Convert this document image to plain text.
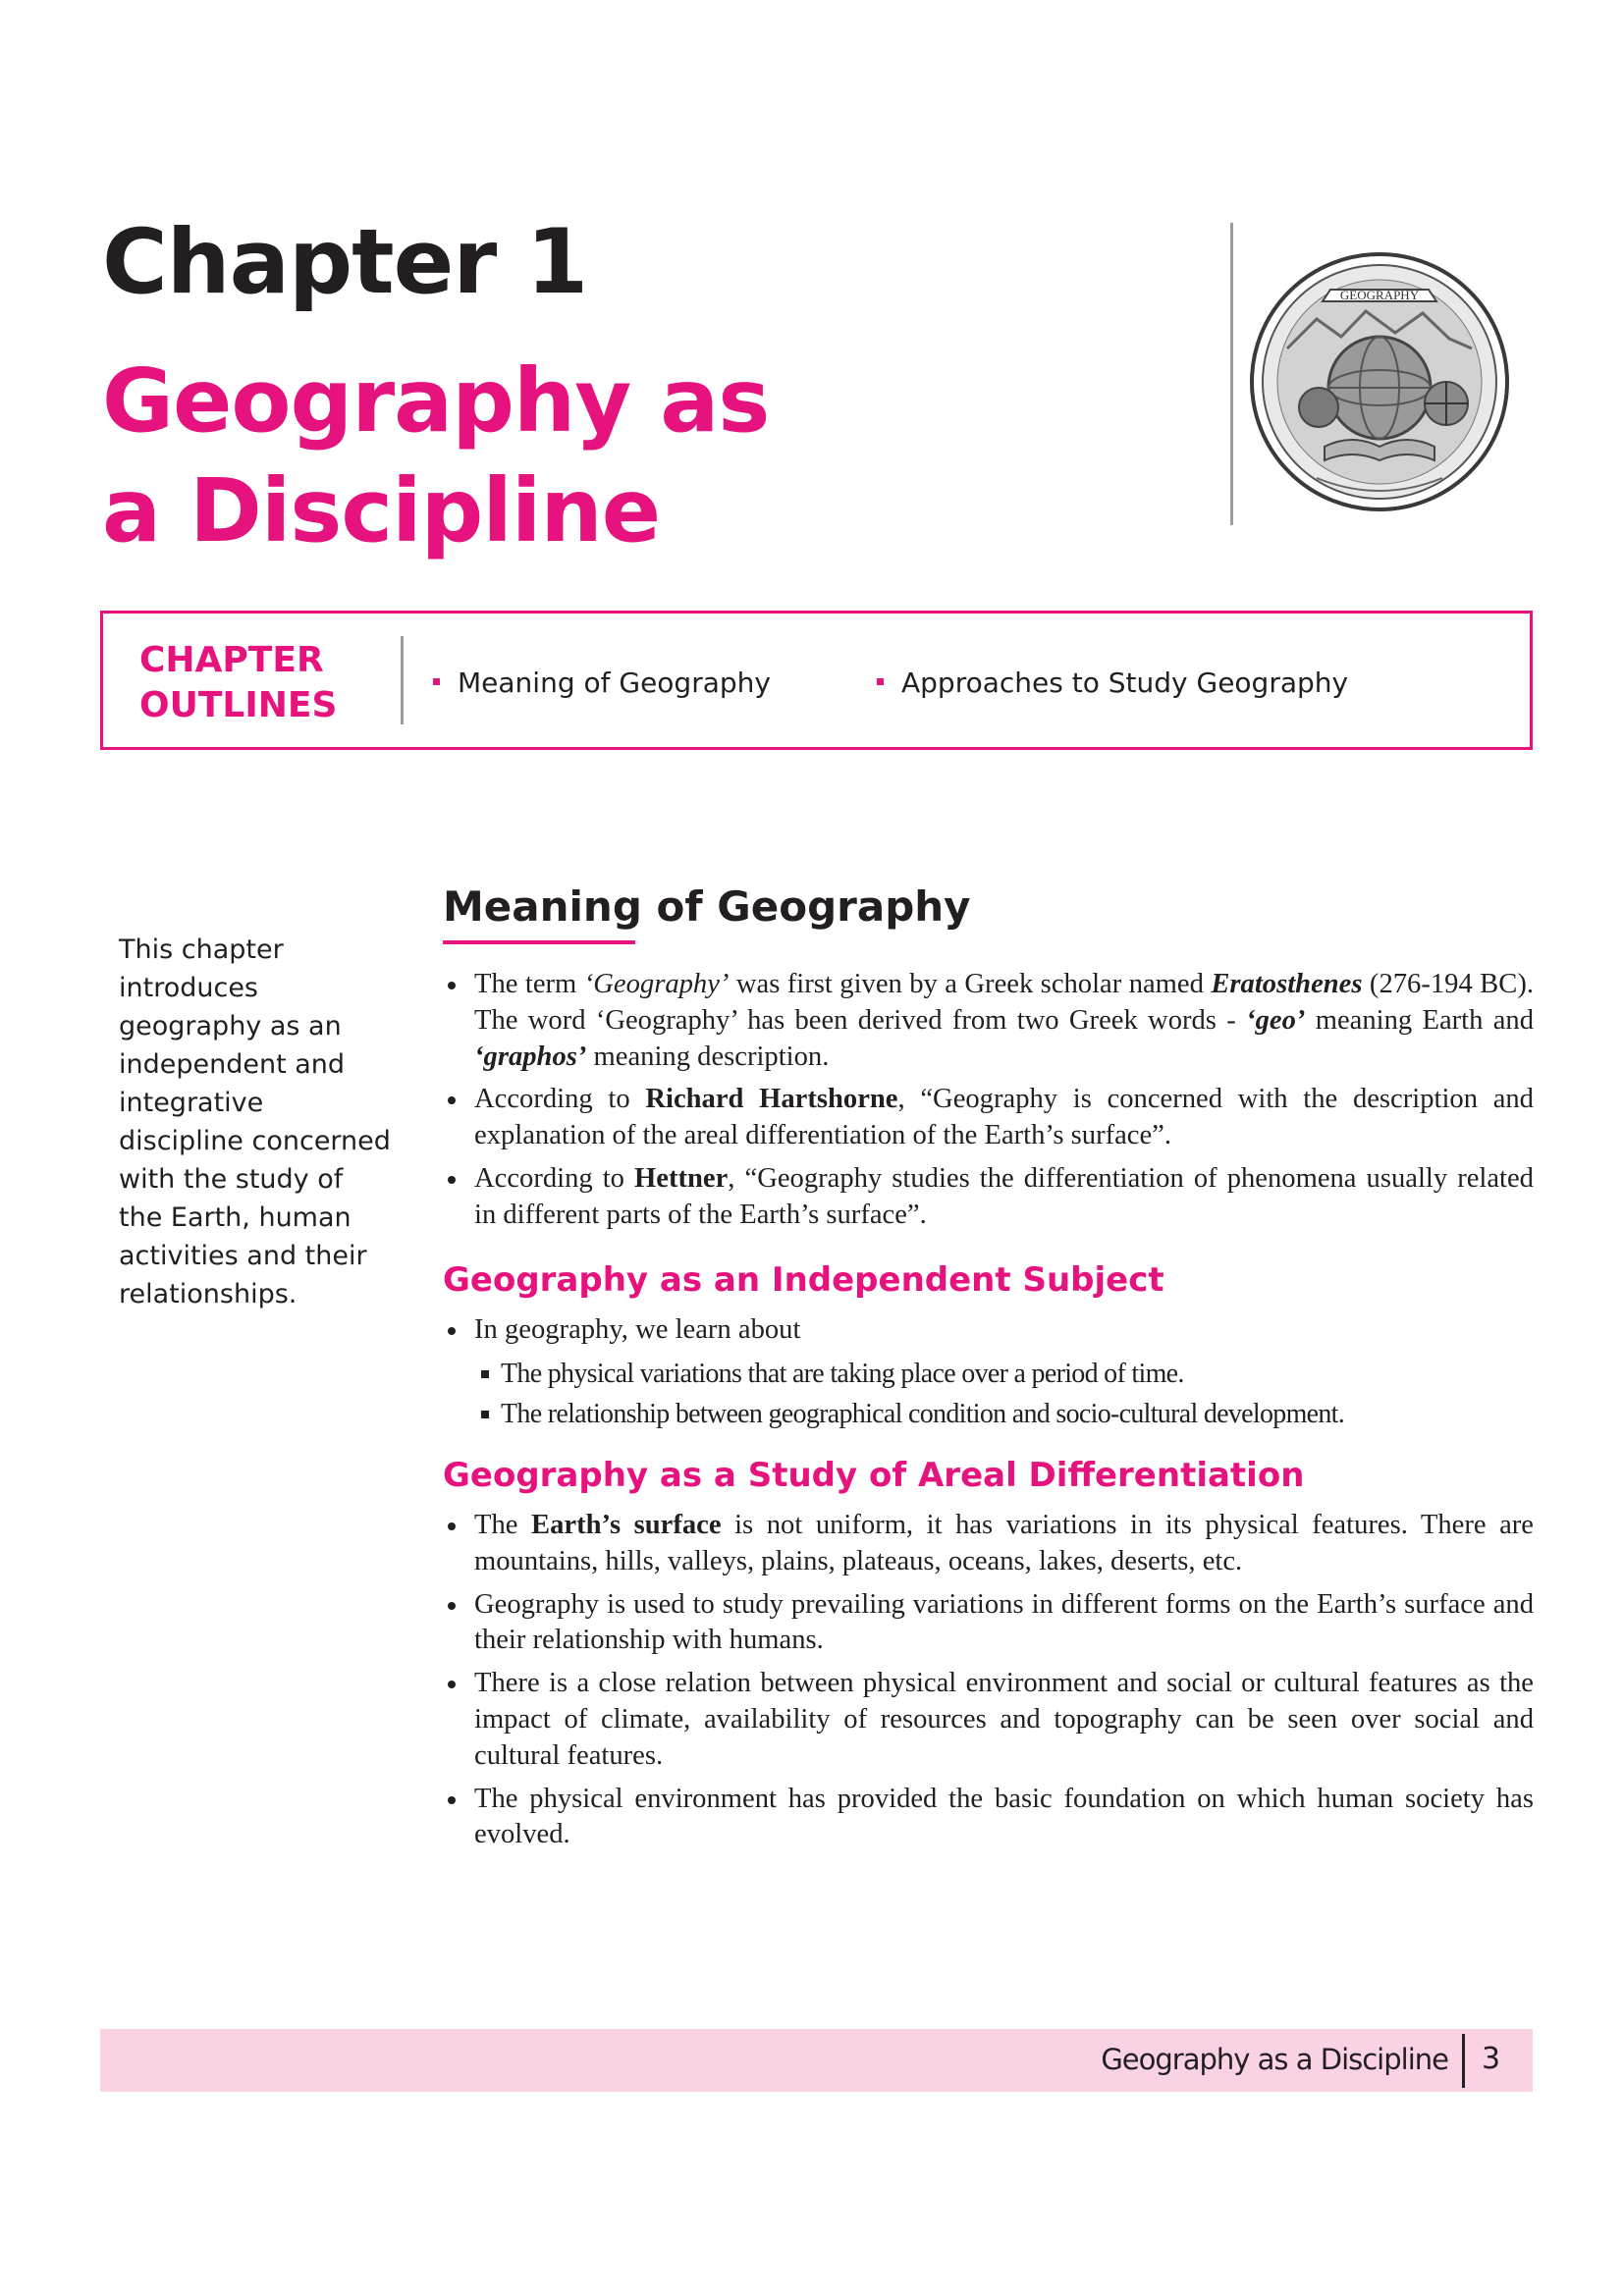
Chapter 1
Geography as a Discipline
GEOGRAPHY
CHAPTER
OUTLINES
Meaning of Geography	Approaches to Study Geography
This chapter introduces geography as an independent and integrative discipline concerned with the study of the Earth, human activities and their relationships.
Meaning of Geography
The term ‘Geography’ was first given by a Greek scholar named Eratosthenes (276-194 BC). The word ‘Geography’ has been derived from two Greek words - ‘geo’ meaning Earth and ‘graphos’ meaning description.
According to Richard Hartshorne, “Geography is concerned with the description and explanation of the areal differentiation of the Earth’s surface”.
According to Hettner, “Geography studies the differentiation of phenomena usually related in different parts of the Earth’s surface”.
Geography as an Independent Subject
In geography, we learn about
The physical variations that are taking place over a period of time.
The relationship between geographical condition and socio-cultural development.
Geography as a Study of Areal Differentiation
The Earth’s surface is not uniform, it has variations in its physical features. There are mountains, hills, valleys, plains, plateaus, oceans, lakes, deserts, etc.
Geography is used to study prevailing variations in different forms on the Earth’s surface and their relationship with humans.
There is a close relation between physical environment and social or cultural features as the impact of climate, availability of resources and topography can be seen over social and cultural features.
The physical environment has provided the basic foundation on which human society has evolved.
Geography as a Discipline 3
